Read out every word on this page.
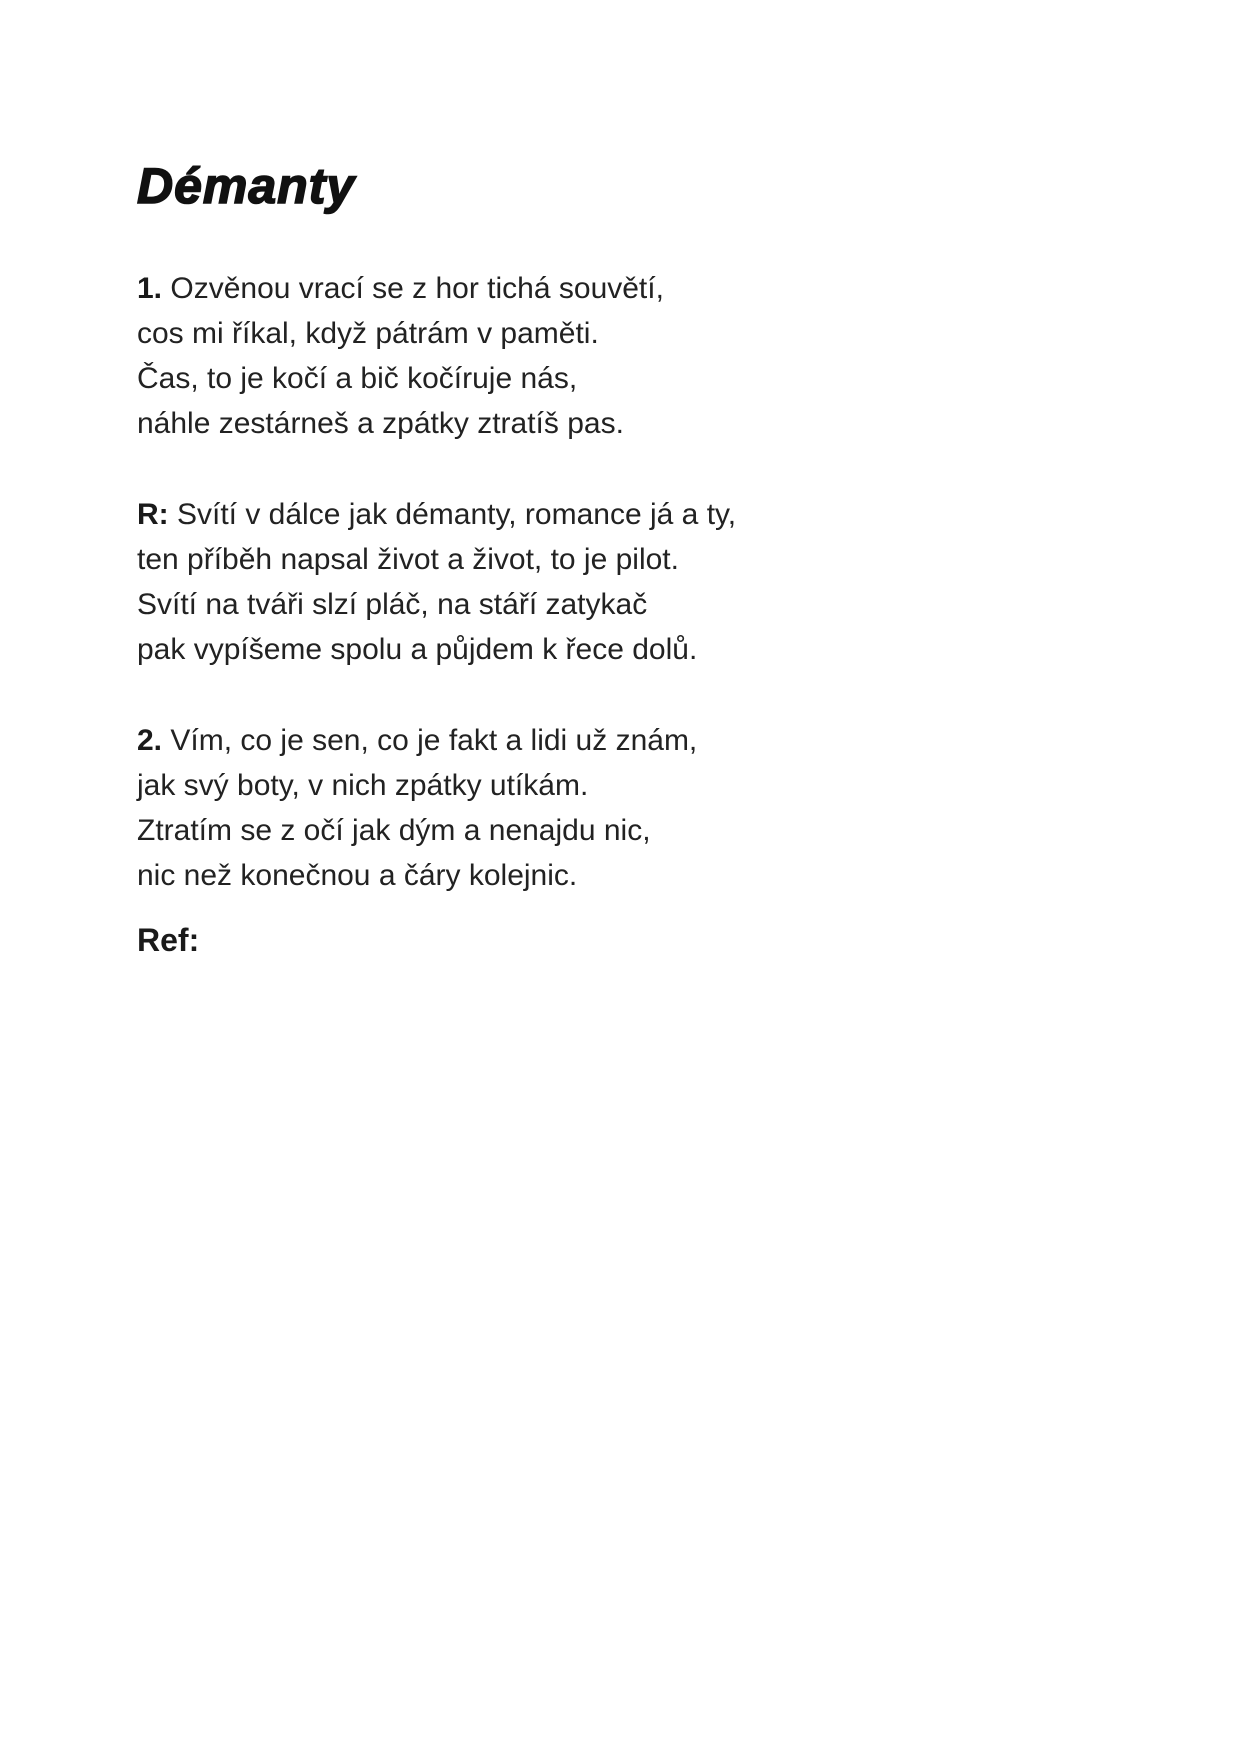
Démanty

1. Ozvěnou vrací se z hor tichá souvětí,
cos mi říkal, když pátrám v paměti.
Čas, to je kočí a bič kočíruje nás,
náhle zestárneš a zpátky ztratíš pas.

R: Svítí v dálce jak démanty, romance já a ty,
ten příběh napsal život a život, to je pilot.
Svítí na tváři slzí pláč, na stáří zatykač
pak vypíšeme spolu a půjdem k řece dolů.

2. Vím, co je sen, co je fakt a lidi už znám,
jak svý boty, v nich zpátky utíkám.
Ztratím se z očí jak dým a nenajdu nic,
nic než konečnou a čáry kolejnic.

Ref:
